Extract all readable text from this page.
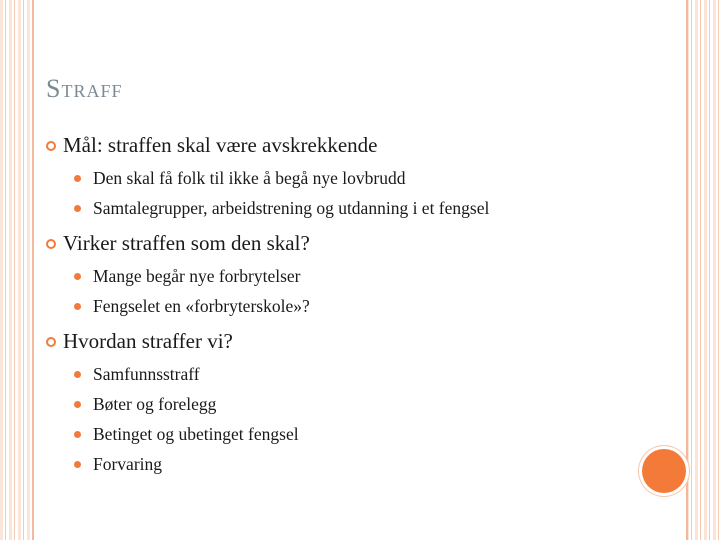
Straff
Mål: straffen skal være avskrekkende
Den skal få folk til ikke å begå nye lovbrudd
Samtalegrupper, arbeidstrening og utdanning i et fengsel
Virker straffen som den skal?
Mange begår nye forbrytelser
Fengselet en «forbryterskole»?
Hvordan straffer vi?
Samfunnsstraff
Bøter og forelegg
Betinget og ubetinget fengsel
Forvaring
